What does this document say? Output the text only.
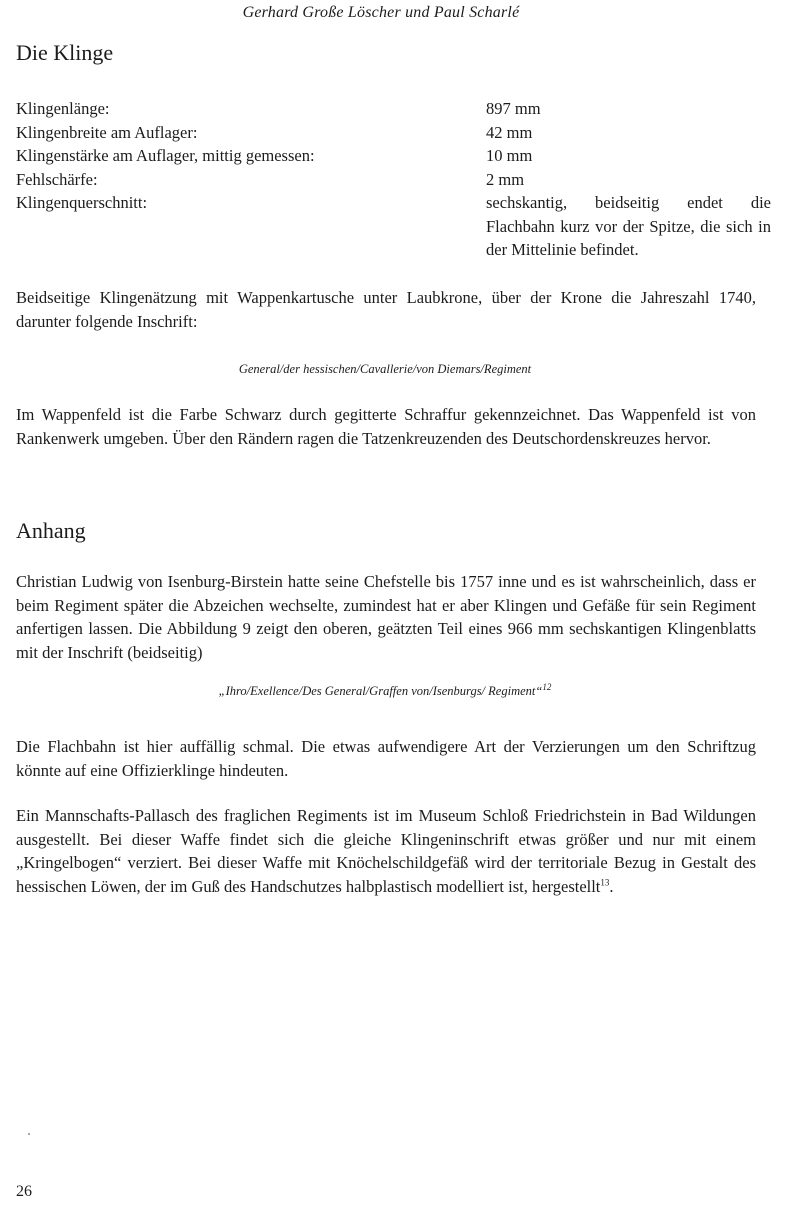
Gerhard Große Löscher und Paul Scharlé
Die Klinge
Klingenlänge:	897 mm
Klingenbreite am Auflager:	42 mm
Klingenstärke am Auflager, mittig gemessen:	10 mm
Fehlschärfe:	2 mm
Klingenquerschnitt:	sechskantig, beidseitig endet die Flachbahn kurz vor der Spitze, die sich in der Mittelinie befindet.

Beidseitige Klingenätzung mit Wappenkartusche unter Laubkrone, über der Krone die Jahreszahl 1740, darunter folgende Inschrift:

General/der hessischen/Cavallerie/von Diemars/Regiment

Im Wappenfeld ist die Farbe Schwarz durch gegitterte Schraffur gekennzeichnet. Das Wappenfeld ist von Rankenwerk umgeben. Über den Rändern ragen die Tatzenkreuzenden des Deutschordenskreuzes hervor.

Anhang

Christian Ludwig von Isenburg-Birstein hatte seine Chefstelle bis 1757 inne und es ist wahrscheinlich, dass er beim Regiment später die Abzeichen wechselte, zumindest hat er aber Klingen und Gefäße für sein Regiment anfertigen lassen. Die Abbildung 9 zeigt den oberen, geätzten Teil eines 966 mm sechskantigen Klingenblatts mit der Inschrift (beidseitig)

„Ihro/Exellence/Des General/Graffen von/Isenburgs/ Regiment“$^{12}$

Die Flachbahn ist hier auffällig schmal. Die etwas aufwendigere Art der Verzierungen um den Schriftzug könnte auf eine Offizierklinge hindeuten.

Ein Mannschafts-Pallasch des fraglichen Regiments ist im Museum Schloß Friedrichstein in Bad Wildungen ausgestellt. Bei dieser Waffe findet sich die gleiche Klingeninschrift etwas größer und nur mit einem „Kringelbogen“ verziert. Bei dieser Waffe mit Knöchelschildgefäß wird der territoriale Bezug in Gestalt des hessischen Löwen, der im Guß des Handschutzes halbplastisch modelliert ist, hergestellt$^{13}$.

26
